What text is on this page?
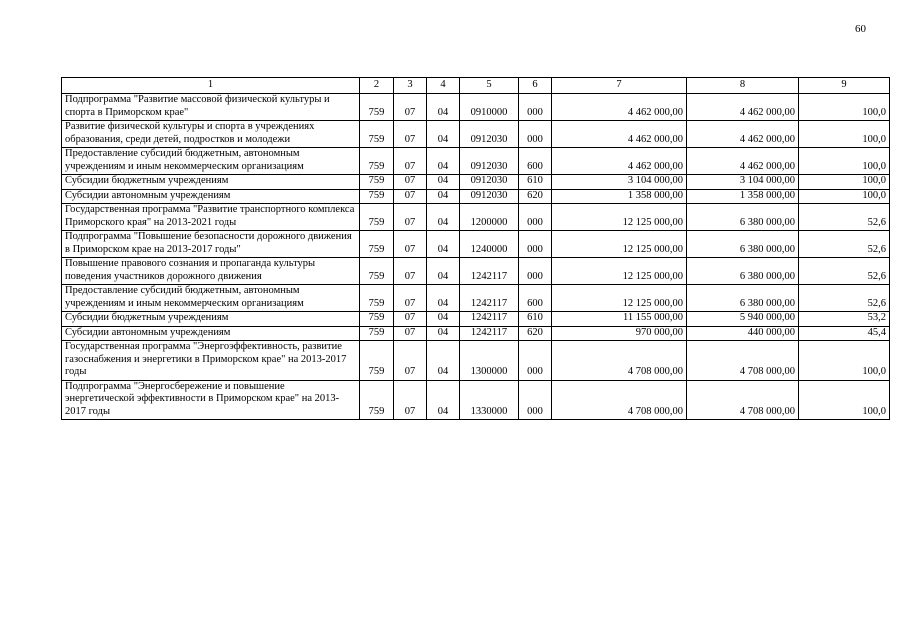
60
1	2	3	4	5	6	7	8	9
Подпрограмма "Развитие массовой физической культуры и спорта в Приморском крае"	759	07	04	0910000	000	4 462 000,00	4 462 000,00	100,0
Развитие физической культуры и спорта в учреждениях образования, среди детей, подростков и молодежи	759	07	04	0912030	000	4 462 000,00	4 462 000,00	100,0
Предоставление субсидий бюджетным, автономным учреждениям и иным некоммерческим организациям	759	07	04	0912030	600	4 462 000,00	4 462 000,00	100,0
Субсидии бюджетным учреждениям	759	07	04	0912030	610	3 104 000,00	3 104 000,00	100,0
Субсидии автономным учреждениям	759	07	04	0912030	620	1 358 000,00	1 358 000,00	100,0
Государственная программа "Развитие транспортного комплекса Приморского края" на 2013-2021 годы	759	07	04	1200000	000	12 125 000,00	6 380 000,00	52,6
Подпрограмма "Повышение безопасности дорожного движения в Приморском крае на 2013-2017 годы"	759	07	04	1240000	000	12 125 000,00	6 380 000,00	52,6
Повышение правового сознания и пропаганда культуры поведения участников дорожного движения	759	07	04	1242117	000	12 125 000,00	6 380 000,00	52,6
Предоставление субсидий бюджетным, автономным учреждениям и иным некоммерческим организациям	759	07	04	1242117	600	12 125 000,00	6 380 000,00	52,6
Субсидии бюджетным учреждениям	759	07	04	1242117	610	11 155 000,00	5 940 000,00	53,2
Субсидии автономным учреждениям	759	07	04	1242117	620	970 000,00	440 000,00	45,4
Государственная программа "Энергоэффективность, развитие газоснабжения и энергетики в Приморском крае" на 2013-2017 годы	759	07	04	1300000	000	4 708 000,00	4 708 000,00	100,0
Подпрограмма "Энергосбережение и повышение энергетической эффективности в Приморском крае" на 2013-2017 годы	759	07	04	1330000	000	4 708 000,00	4 708 000,00	100,0
